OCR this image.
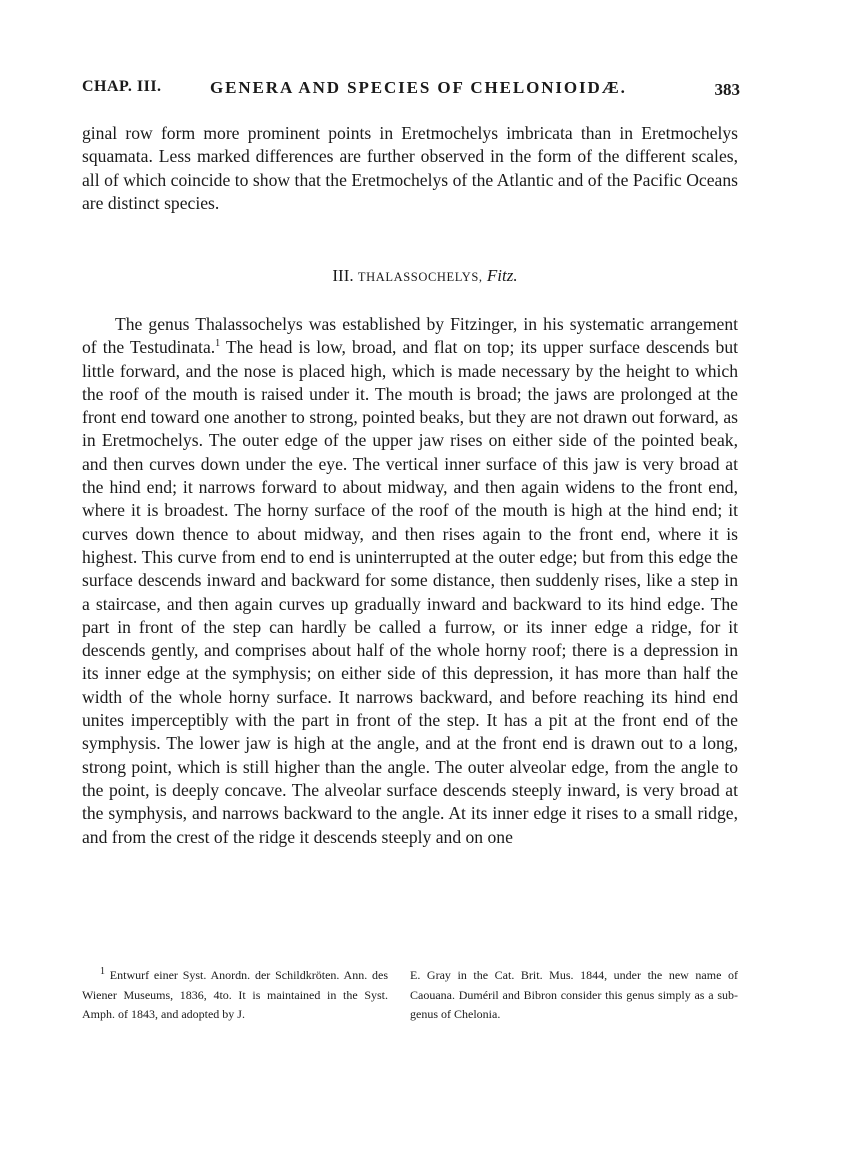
CHAP. III.	GENERA AND SPECIES OF CHELONIOIDÆ.	383

ginal row form more prominent points in Eretmochelys imbricata than in Eretmochelys squamata. Less marked differences are further observed in the form of the different scales, all of which coincide to show that the Eretmochelys of the Atlantic and of the Pacific Oceans are distinct species.

III. THALASSOCHELYS, Fitz.

The genus Thalassochelys was established by Fitzinger, in his systematic arrangement of the Testudinata.$^1$ The head is low, broad, and flat on top; its upper surface descends but little forward, and the nose is placed high, which is made necessary by the height to which the roof of the mouth is raised under it. The mouth is broad; the jaws are prolonged at the front end toward one another to strong, pointed beaks, but they are not drawn out forward, as in Eretmochelys. The outer edge of the upper jaw rises on either side of the pointed beak, and then curves down under the eye. The vertical inner surface of this jaw is very broad at the hind end; it narrows forward to about midway, and then again widens to the front end, where it is broadest. The horny surface of the roof of the mouth is high at the hind end; it curves down thence to about midway, and then rises again to the front end, where it is highest. This curve from end to end is uninterrupted at the outer edge; but from this edge the surface descends inward and backward for some distance, then suddenly rises, like a step in a staircase, and then again curves up gradually inward and backward to its hind edge. The part in front of the step can hardly be called a furrow, or its inner edge a ridge, for it descends gently, and comprises about half of the whole horny roof; there is a depression in its inner edge at the symphysis; on either side of this depression, it has more than half the width of the whole horny surface. It narrows backward, and before reaching its hind end unites imperceptibly with the part in front of the step. It has a pit at the front end of the symphysis. The lower jaw is high at the angle, and at the front end is drawn out to a long, strong point, which is still higher than the angle. The outer alveolar edge, from the angle to the point, is deeply concave. The alveolar surface descends steeply inward, is very broad at the symphysis, and narrows backward to the angle. At its inner edge it rises to a small ridge, and from the crest of the ridge it descends steeply and on one

$^1$ Entwurf einer Syst. Anordn. der Schildkröten. Ann. des Wiener Museums, 1836, 4to. It is maintained in the Syst. Amph. of 1843, and adopted by J.

E. Gray in the Cat. Brit. Mus. 1844, under the new name of Caouana. Duméril and Bibron consider this genus simply as a sub-genus of Chelonia.
